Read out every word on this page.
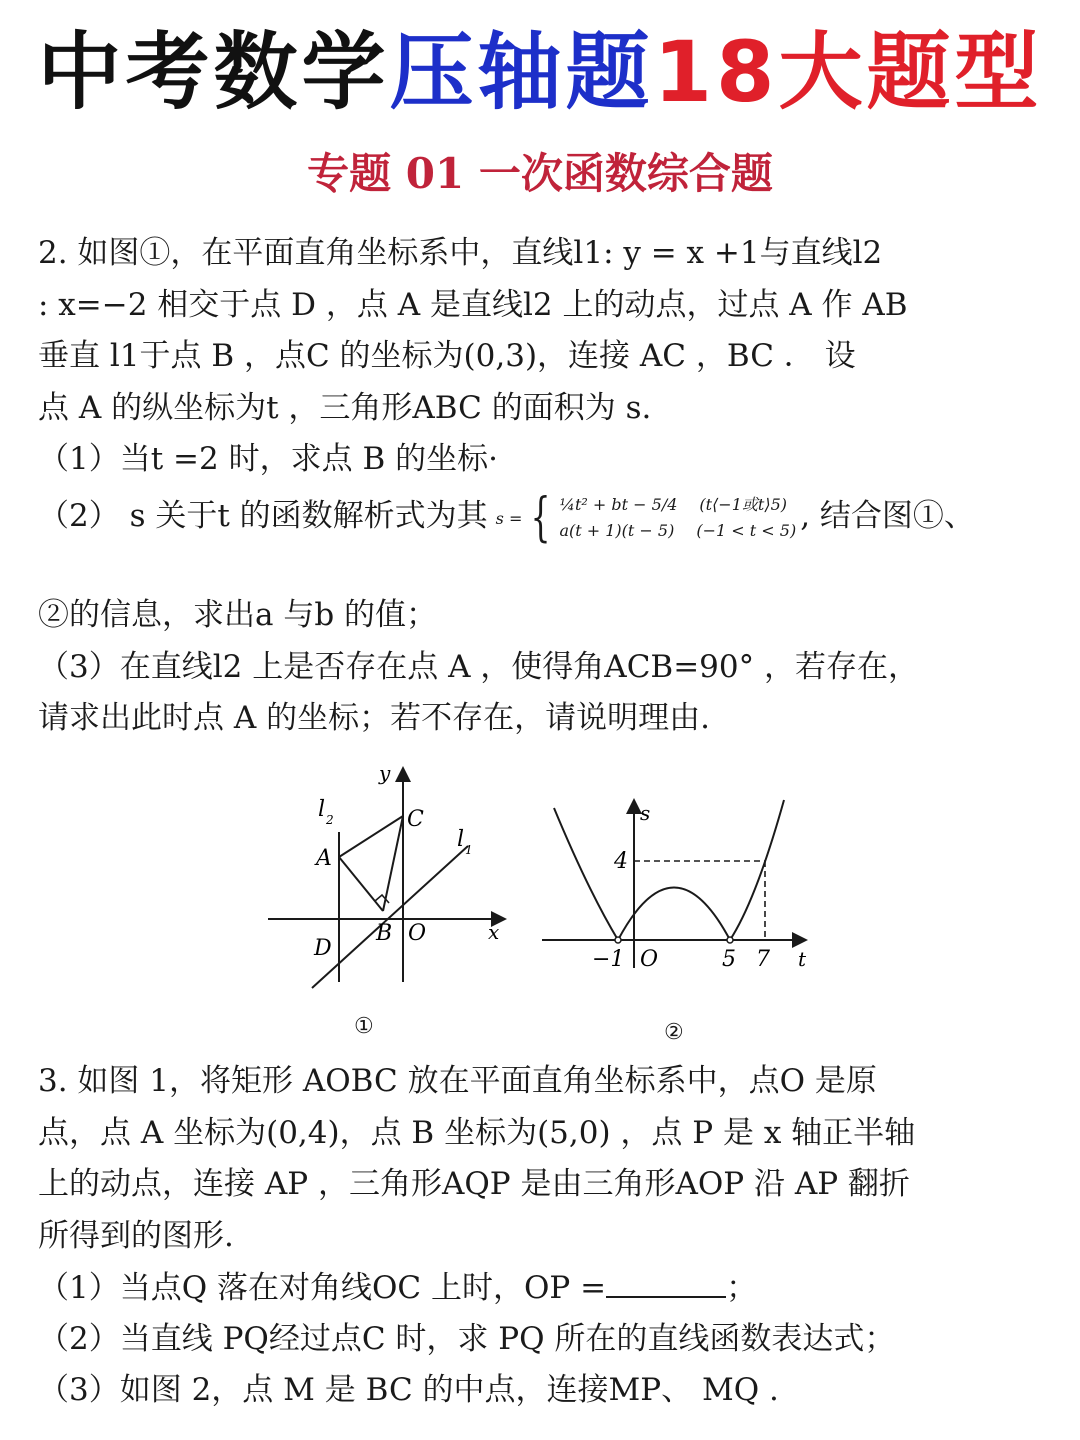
中考数学压轴题18大题型
专题 01 一次函数综合题
2. 如图①，在平面直角坐标系中，直线l1: y = x +1与直线l2
: x=−2 相交于点 D ，点 A 是直线l2 上的动点，过点 A 作 AB
垂直 l1于点 B ，点C 的坐标为(0,3)，连接 AC ，BC ． 设
点 A 的纵坐标为t ，三角形ABC 的面积为 s.
（1）当t =2 时，求点 B 的坐标·
（2） s 关于t 的函数解析式为其 s = { ¼t² + bt − 5/4 (t⟨−1或t⟩5)
a(t + 1)(t − 5) (−1 < t < 5) , 结合图①、
②的信息，求出a 与b 的值；
（3）在直线l2 上是否存在点 A ，使得角ACB=90° ，若存在，
请求出此时点 A 的坐标；若不存在，请说明理由.
y
l 2	C
l 1
A
x
B O
D
①
s
4
−1 O	5 7 t
②
3. 如图 1，将矩形 AOBC 放在平面直角坐标系中，点O 是原
点，点 A 坐标为(0,4)，点 B 坐标为(5,0) ，点 P 是 x 轴正半轴
上的动点，连接 AP ，三角形AQP 是由三角形AOP 沿 AP 翻折
所得到的图形.
（1）当点Q 落在对角线OC 上时，OP =	；
（2）当直线 PQ经过点C 时，求 PQ 所在的直线函数表达式；
（3）如图 2，点 M 是 BC 的中点，连接MP、 MQ .
